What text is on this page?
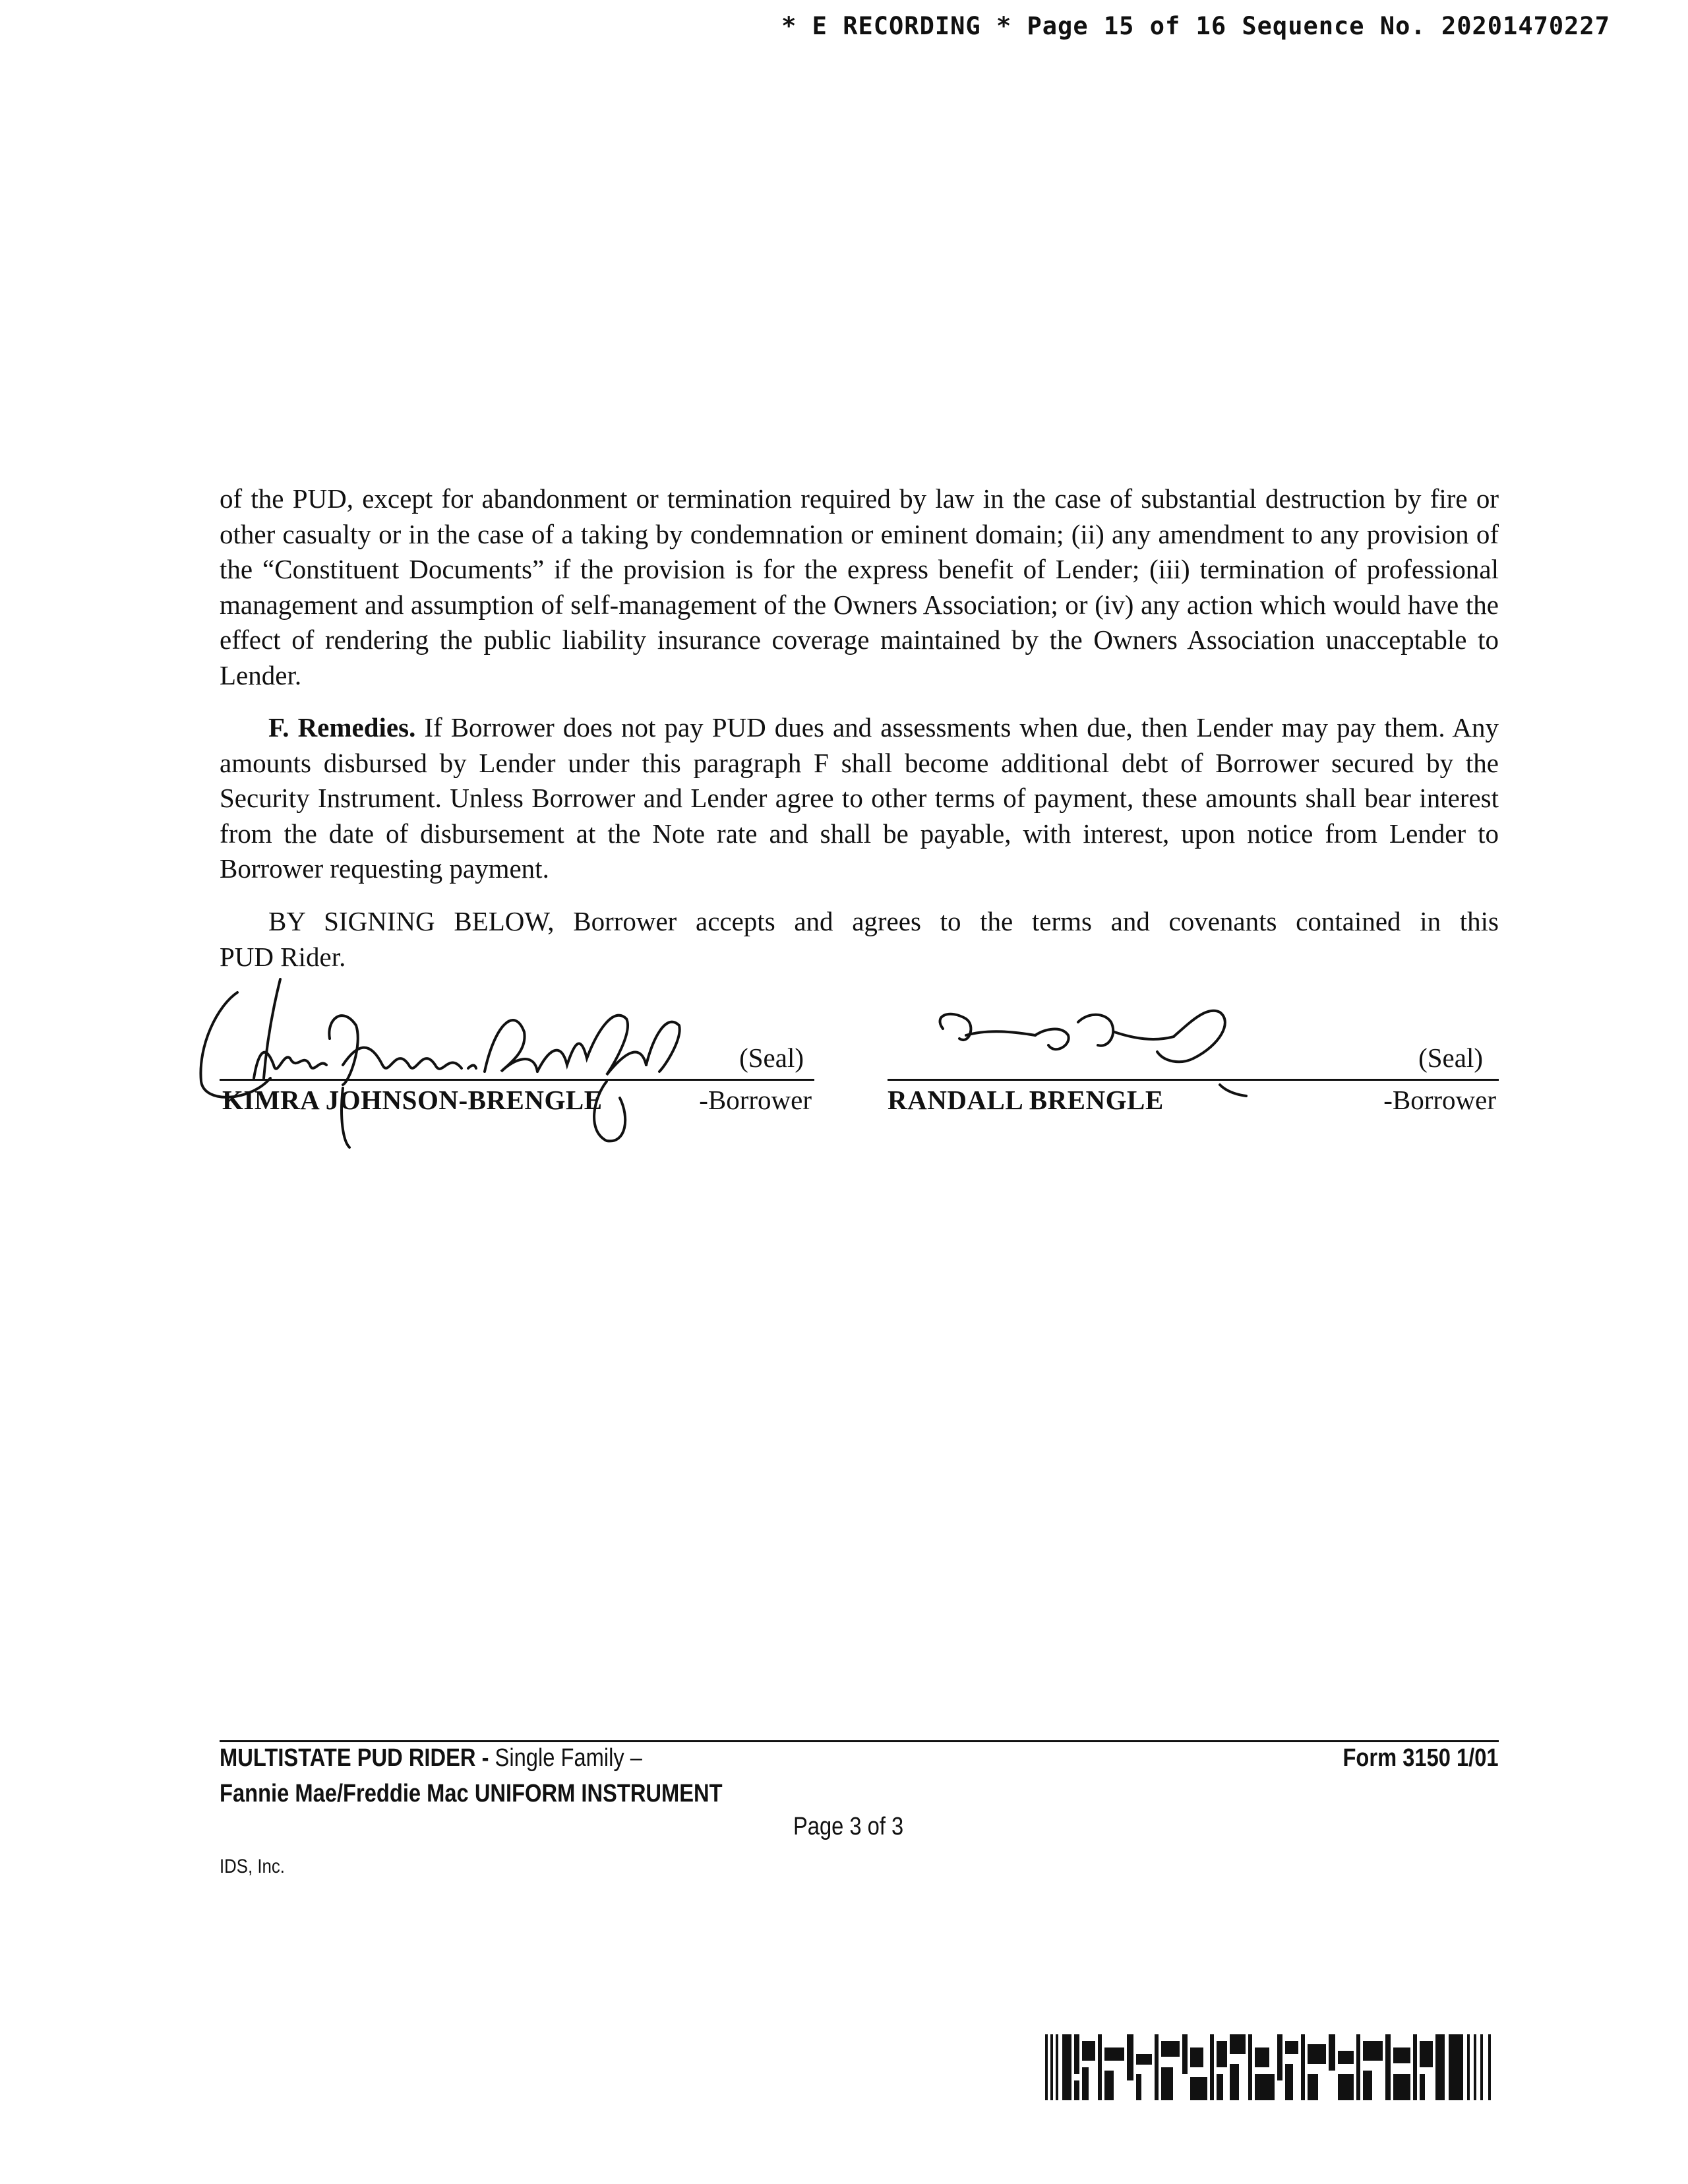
* E RECORDING * Page 15 of 16 Sequence No. 20201470227

of the PUD, except for abandonment or termination required by law in the case of substantial destruction by fire or other casualty or in the case of a taking by condemnation or eminent domain; (ii) any amendment to any provision of the “Constituent Documents” if the provision is for the express benefit of Lender; (iii) termination of professional management and assumption of self-management of the Owners Association; or (iv) any action which would have the effect of rendering the public liability insurance coverage maintained by the Owners Association unacceptable to Lender.

F. Remedies. If Borrower does not pay PUD dues and assessments when due, then Lender may pay them. Any amounts disbursed by Lender under this paragraph F shall become additional debt of Borrower secured by the Security Instrument. Unless Borrower and Lender agree to other terms of payment, these amounts shall bear interest from the date of disbursement at the Note rate and shall be payable, with interest, upon notice from Lender to Borrower requesting payment.

BY SIGNING BELOW, Borrower accepts and agrees to the terms and covenants contained in this

PUD Rider.
(Seal)
KIMRA JOHNSON-BRENGLE	-Borrower
(Seal)
RANDALL BRENGLE	-Borrower
MULTISTATE PUD RIDER - Single Family –
Fannie Mae/Freddie Mac UNIFORM INSTRUMENT
Form 3150 1/01
Page 3 of 3
IDS, Inc.
